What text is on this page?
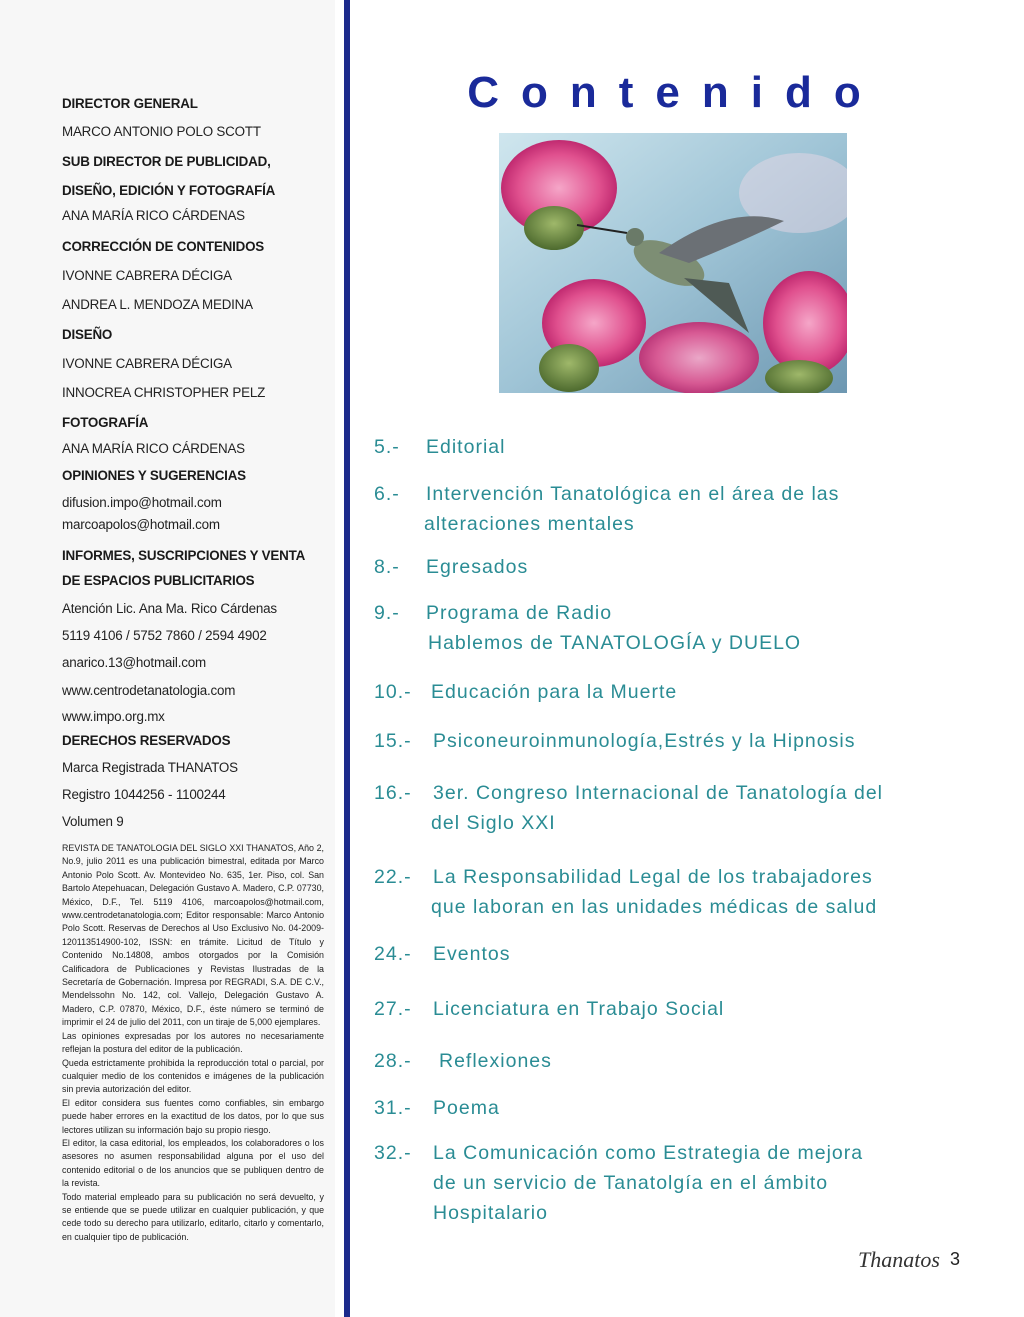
DIRECTOR GENERAL
MARCO ANTONIO POLO SCOTT
SUB DIRECTOR DE PUBLICIDAD,
DISEÑO, EDICIÓN Y FOTOGRAFÍA
ANA MARÍA RICO CÁRDENAS
CORRECCIÓN DE CONTENIDOS
IVONNE CABRERA DÉCIGA
ANDREA L. MENDOZA MEDINA
DISEÑO
IVONNE CABRERA DÉCIGA
INNOCREA CHRISTOPHER PELZ
FOTOGRAFÍA
ANA MARÍA RICO CÁRDENAS
OPINIONES Y SUGERENCIAS
difusion.impo@hotmail.com
marcoapolos@hotmail.com
INFORMES, SUSCRIPCIONES Y VENTA
DE ESPACIOS PUBLICITARIOS
Atención Lic. Ana Ma. Rico Cárdenas
5119 4106 / 5752 7860 / 2594 4902
anarico.13@hotmail.com
www.centrodetanatologia.com
www.impo.org.mx
DERECHOS RESERVADOS
Marca Registrada THANATOS
Registro 1044256 - 1100244
Volumen 9

REVISTA DE TANATOLOGIA DEL SIGLO XXI THANATOS, Año 2, No.9, julio 2011 es una publicación bimestral, editada por Marco Antonio Polo Scott. Av. Montevideo No. 635, 1er. Piso, col. San Bartolo Atepehuacan, Delegación Gustavo A. Madero, C.P. 07730, México, D.F., Tel. 5119 4106, marcoapolos@hotmail.com, www.centrodetanatologia.com; Editor responsable: Marco Antonio Polo Scott. Reservas de Derechos al Uso Exclusivo No. 04-2009-120113514900-102, ISSN: en trámite. Licitud de Título y Contenido No.14808, ambos otorgados por la Comisión Calificadora de Publicaciones y Revistas Ilustradas de la Secretaría de Gobernación. Impresa por REGRADI, S.A. DE C.V., Mendelssohn No. 142, col. Vallejo, Delegación Gustavo A. Madero, C.P. 07870, México, D.F., éste número se terminó de imprimir el 24 de julio del 2011, con un tiraje de 5,000 ejemplares.

Las opiniones expresadas por los autores no necesariamente reflejan la postura del editor de la publicación.

Queda estrictamente prohibida la reproducción total o parcial, por cualquier medio de los contenidos e imágenes de la publicación sin previa autorización del editor.

El editor considera sus fuentes como confiables, sin embargo puede haber errores en la exactitud de los datos, por lo que sus lectores utilizan su información bajo su propio riesgo.

El editor, la casa editorial, los empleados, los colaboradores o los asesores no asumen responsabilidad alguna por el uso del contenido editorial o de los anuncios que se publiquen dentro de la revista.

Todo material empleado para su publicación no será devuelto, y se entiende que se puede utilizar en cualquier publicación, y que cede todo su derecho para utilizarlo, editarlo, citarlo y comentarlo, en cualquier tipo de publicación.

Contenido
5.- Editorial
6.- Intervención Tanatológica en el área de las
alteraciones mentales
8.- Egresados
9.- Programa de Radio
Hablemos de TANATOLOGÍA y DUELO
10.- Educación para la Muerte
15.- Psiconeuroinmunología,Estrés y la Hipnosis
16.- 3er. Congreso Internacional de Tanatología del
del Siglo XXI
22.- La Responsabilidad Legal de los trabajadores
que laboran en las unidades médicas de salud
24.- Eventos
27.- Licenciatura en Trabajo Social
28.- Reflexiones
31.- Poema
32.- La Comunicación como Estrategia de mejora
de un servicio de Tanatolgía en el ámbito
Hospitalario
Thanatos 3
